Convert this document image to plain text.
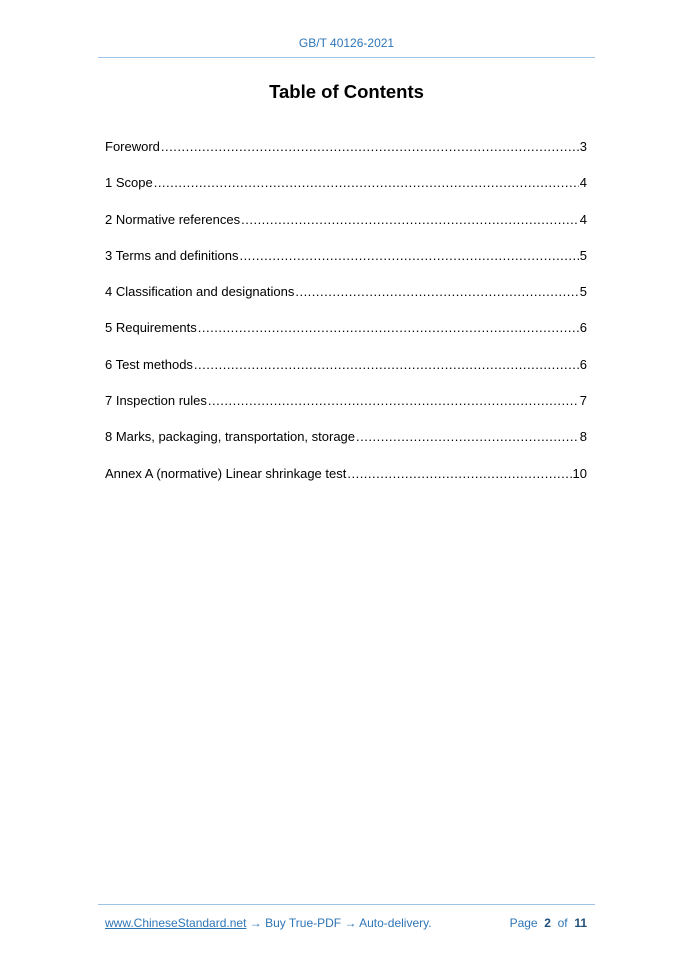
GB/T 40126-2021
Table of Contents
Foreword .....	3
1 Scope .....	4
2 Normative references .....	4
3 Terms and definitions .....	5
4 Classification and designations .....	5
5 Requirements .....	6
6 Test methods .....	6
7 Inspection rules .....	7
8 Marks, packaging, transportation, storage .....	8
Annex A (normative) Linear shrinkage test .....	10
www.ChineseStandard.net → Buy True-PDF → Auto-delivery.	Page 2 of 11
